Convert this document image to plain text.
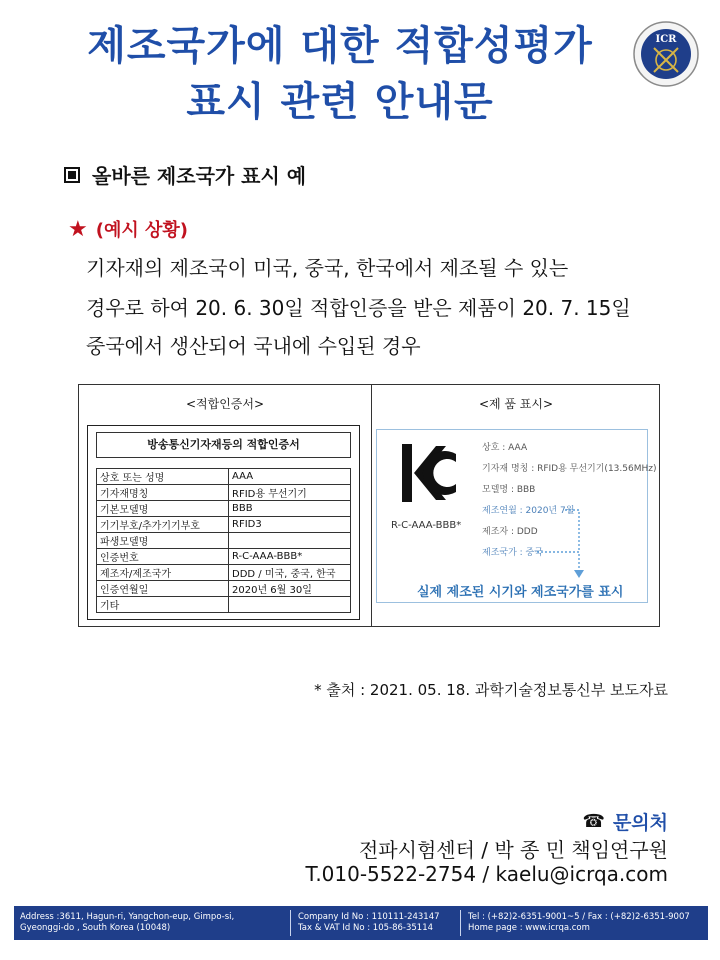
제조국가에 대한 적합성평가
표시 관련 안내문
ICR
올바른 제조국가 표시 예
★ (예시 상황)
기자재의 제조국이 미국, 중국, 한국에서 제조될 수 있는
경우로 하여 20. 6. 30일 적합인증을 받은 제품이 20. 7. 15일
중국에서 생산되어 국내에 수입된 경우
<적합인증서>	<제 품 표시>
방송통신기자재등의 적합인증서
상호 또는 성명	AAA
기자재명칭	RFID용 무선기기
기본모델명	BBB
기기부호/추가기기부호	RFID3
파생모델명	
인증번호	R-C-AAA-BBB*
제조자/제조국가	DDD / 미국, 중국, 한국
인증연월일	2020년 6월 30일
기타	
R-C-AAA-BBB*
상호 : AAA
기자재 명칭 : RFID용 무선기기(13.56MHz)
모델명 : BBB
제조연월 : 2020년 7월
제조자 : DDD
제조국가 : 중국
실제 제조된 시기와 제조국가를 표시
* 출처 : 2021. 05. 18. 과학기술정보통신부 보도자료
☎ 문의처
전파시험센터 / 박 종 민 책임연구원
T.010-5522-2754 / kaelu@icrqa.com
Address :3611, Hagun-ri, Yangchon-eup, Gimpo-si,
Gyeonggi-do , South Korea (10048)
Company Id No : 110111-243147
Tax & VAT Id No : 105-86-35114
Tel : (+82)2-6351-9001~5 / Fax : (+82)2-6351-9007
Home page : www.icrqa.com
